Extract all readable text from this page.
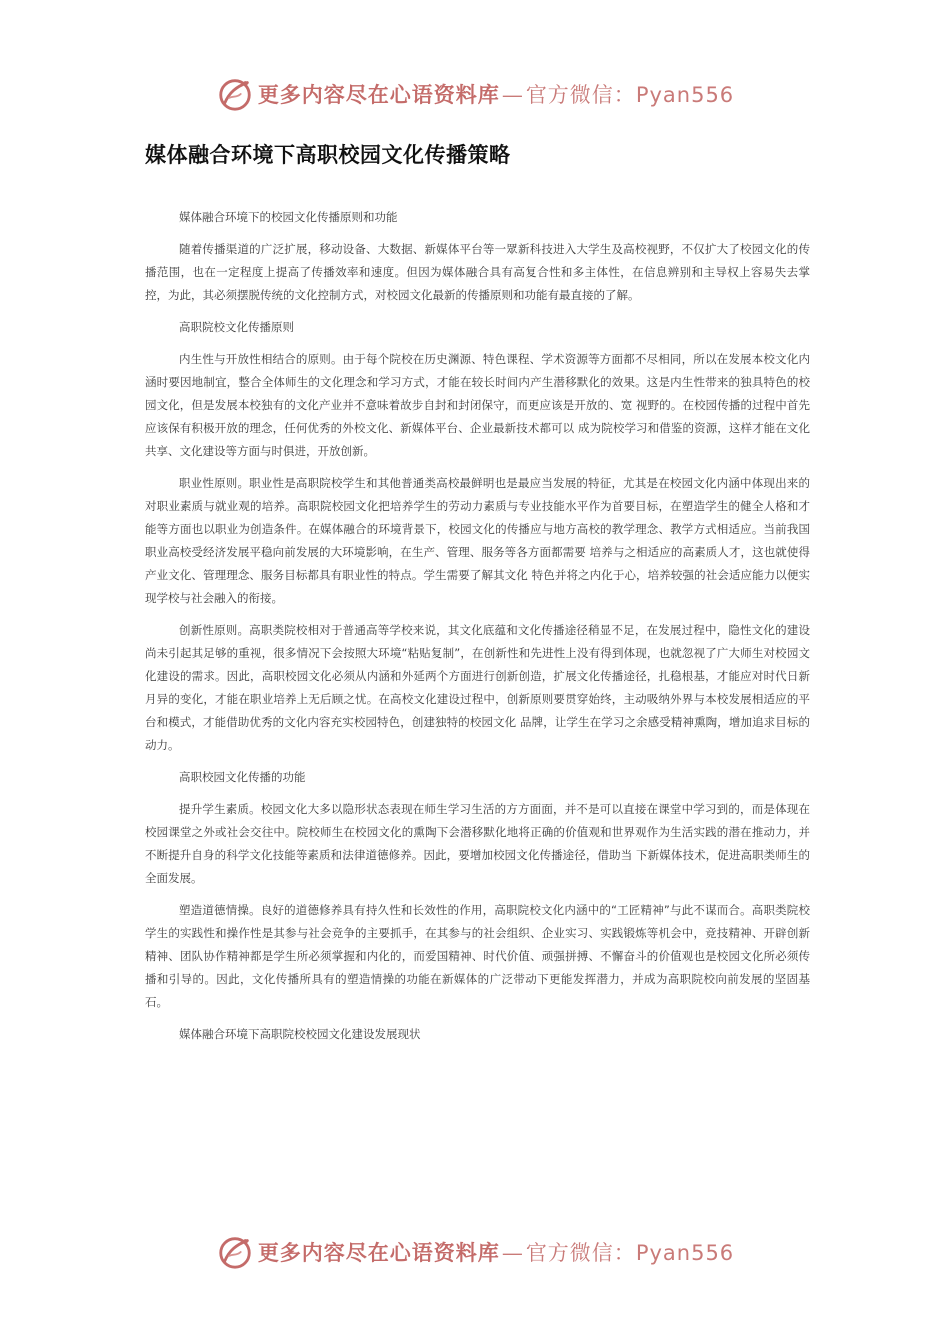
更多内容尽在心语资料库—官方微信：Pyan556
媒体融合环境下高职校园文化传播策略

媒体融合环境下的校园文化传播原则和功能

随着传播渠道的广泛扩展，移动设备、大数据、新媒体平台等一眾新科技进入大学生及高校视野，不仅扩大了校园文化的传播范围，也在一定程度上提高了传播效率和速度。但因为媒体融合具有高复合性和多主体性，在信息辨别和主导权上容易失去掌控，为此，其必须摆脱传统的文化控制方式，对校园文化最新的传播原则和功能有最直接的了解。

高职院校文化传播原则

内生性与开放性相结合的原则。由于每个院校在历史渊源、特色课程、学术资源等方面都不尽相同，所以在发展本校文化内涵时要因地制宜，整合全体师生的文化理念和学习方式，才能在较长时间内产生潜移默化的效果。这是内生性带来的独具特色的校园文化，但是发展本校独有的文化产业并不意味着故步自封和封闭保守，而更应该是开放的、宽 视野的。在校园传播的过程中首先应该保有积极开放的理念，任何优秀的外校文化、新媒体平台、企业最新技术都可以 成为院校学习和借鉴的资源，这样才能在文化共享、文化建设等方面与时俱进，开放创新。

职业性原则。职业性是高职院校学生和其他普通类高校最鲜明也是最应当发展的特征，尤其是在校园文化内涵中体现出来的对职业素质与就业观的培养。高职院校园文化把培养学生的劳动力素质与专业技能水平作为首要目标，在塑造学生的健全人格和才能等方面也以职业为创造条件。在媒体融合的环境背景下，校园文化的传播应与地方高校的教学理念、教学方式相适应。当前我国职业高校受经济发展平稳向前发展的大环境影响，在生产、管理、服务等各方面都需要 培养与之相适应的高素质人才，这也就使得产业文化、管理理念、服务目标都具有职业性的特点。学生需要了解其文化 特色并将之内化于心，培养较强的社会适应能力以便实现学校与社会融入的衔接。

创新性原则。高职类院校相对于普通高等学校来说，其文化底蕴和文化传播途径稍显不足，在发展过程中，隐性文化的建设尚未引起其足够的重视，很多情况下会按照大环境“粘贴复制”，在创新性和先进性上没有得到体现，也就忽视了广大师生对校园文化建设的需求。因此，高职校园文化必须从内涵和外延两个方面进行创新创造，扩展文化传播途径，扎稳根基，才能应对时代日新月异的变化，才能在职业培养上无后顾之忧。在高校文化建设过程中，创新原则要贯穿始终，主动吸纳外界与本校发展相适应的平台和模式，才能借助优秀的文化内容充实校园特色，创建独特的校园文化 品牌，让学生在学习之余感受精神熏陶，增加追求目标的动力。

高职校园文化传播的功能

提升学生素质。校园文化大多以隐形状态表现在师生学习生活的方方面面，并不是可以直接在课堂中学习到的，而是体现在校园课堂之外或社会交往中。院校师生在校园文化的熏陶下会潜移默化地将正确的价值观和世界观作为生活实践的潜在推动力，并不断提升自身的科学文化技能等素质和法律道德修养。因此，要增加校园文化传播途径，借助当 下新媒体技术，促进高职类师生的全面发展。

塑造道德情操。良好的道德修养具有持久性和长效性的作用，高职院校文化内涵中的“工匠精神”与此不谋而合。高职类院校学生的实践性和操作性是其参与社会竞争的主要抓手，在其参与的社会组织、企业实习、实践锻炼等机会中，竞技精神、开辟创新精神、团队协作精神都是学生所必须掌握和内化的，而爱国精神、时代价值、顽强拼搏、不懈奋斗的价值观也是校园文化所必须传播和引导的。因此，文化传播所具有的塑造情操的功能在新媒体的广泛带动下更能发挥潜力，并成为高职院校向前发展的坚固基石。

媒体融合环境下高职院校校园文化建设发展现状

更多内容尽在心语资料库—官方微信：Pyan556
